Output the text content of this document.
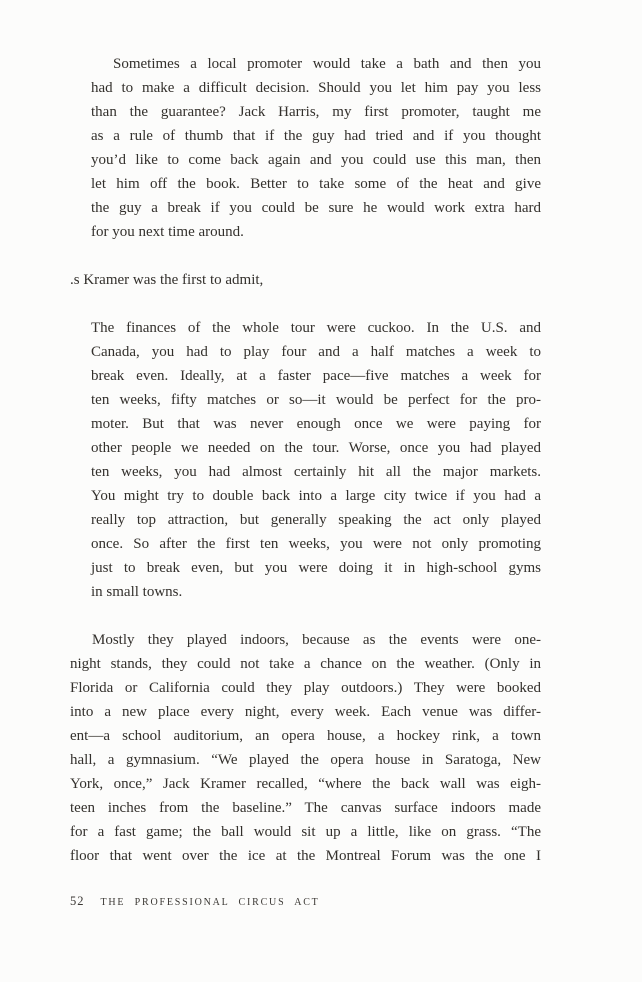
Sometimes a local promoter would take a bath and then you
had to make a difficult decision. Should you let him pay you less
than the guarantee? Jack Harris, my first promoter, taught me
as a rule of thumb that if the guy had tried and if you thought
you’d like to come back again and you could use this man, then
let him off the book. Better to take some of the heat and give
the guy a break if you could be sure he would work extra hard
for you next time around.
.s Kramer was the first to admit,
The finances of the whole tour were cuckoo. In the U.S. and
Canada, you had to play four and a half matches a week to
break even. Ideally, at a faster pace—five matches a week for
ten weeks, fifty matches or so—it would be perfect for the pro-
moter. But that was never enough once we were paying for
other people we needed on the tour. Worse, once you had played
ten weeks, you had almost certainly hit all the major markets.
You might try to double back into a large city twice if you had a
really top attraction, but generally speaking the act only played
once. So after the first ten weeks, you were not only promoting
just to break even, but you were doing it in high-school gyms
in small towns.
Mostly they played indoors, because as the events were one-
night stands, they could not take a chance on the weather. (Only in
Florida or California could they play outdoors.) They were booked
into a new place every night, every week. Each venue was differ-
ent—a school auditorium, an opera house, a hockey rink, a town
hall, a gymnasium. “We played the opera house in Saratoga, New
York, once,” Jack Kramer recalled, “where the back wall was eigh-
teen inches from the baseline.” The canvas surface indoors made
for a fast game; the ball would sit up a little, like on grass. “The
floor that went over the ice at the Montreal Forum was the one I
52 THE PROFESSIONAL CIRCUS ACT
